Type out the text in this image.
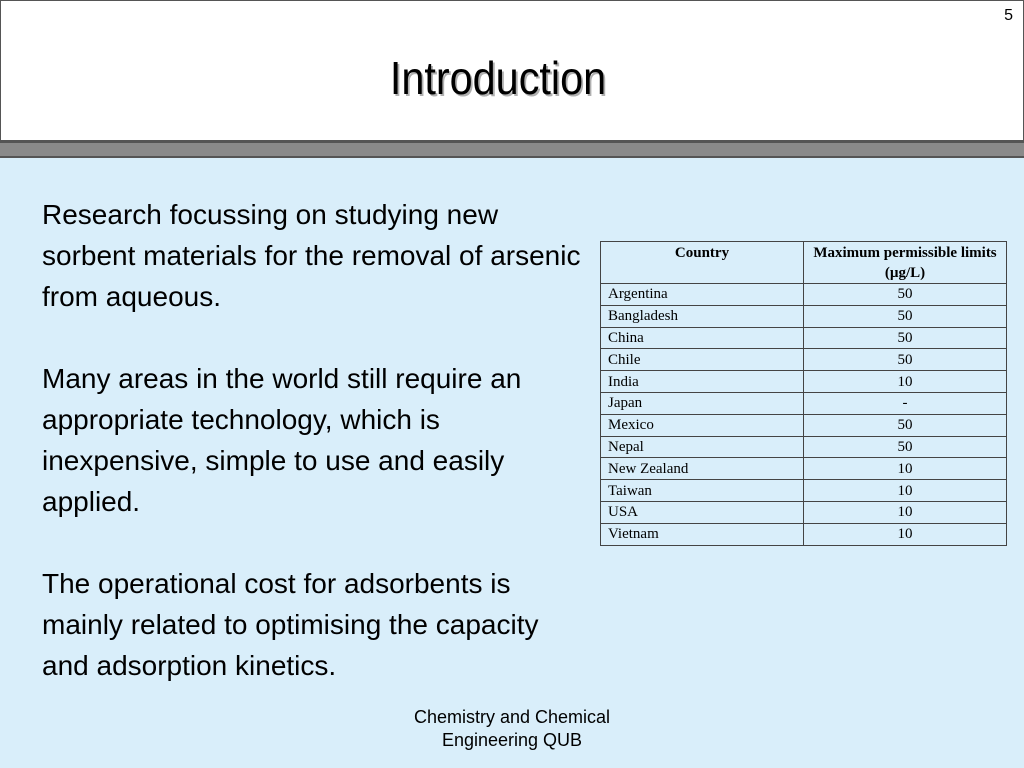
5
Introduction

Research focussing on studying new sorbent materials for the removal of arsenic from aqueous.

Many areas in the world still require an appropriate technology, which is inexpensive, simple to use and easily applied.

The operational cost for adsorbents is mainly related to optimising the capacity and adsorption kinetics.

Country	Maximum permissible limits (µg/L)
Argentina	50
Bangladesh	50
China	50
Chile	50
India	10
Japan	-
Mexico	50
Nepal	50
New Zealand	10
Taiwan	10
USA	10
Vietnam	10
Chemistry and Chemical
Engineering QUB
